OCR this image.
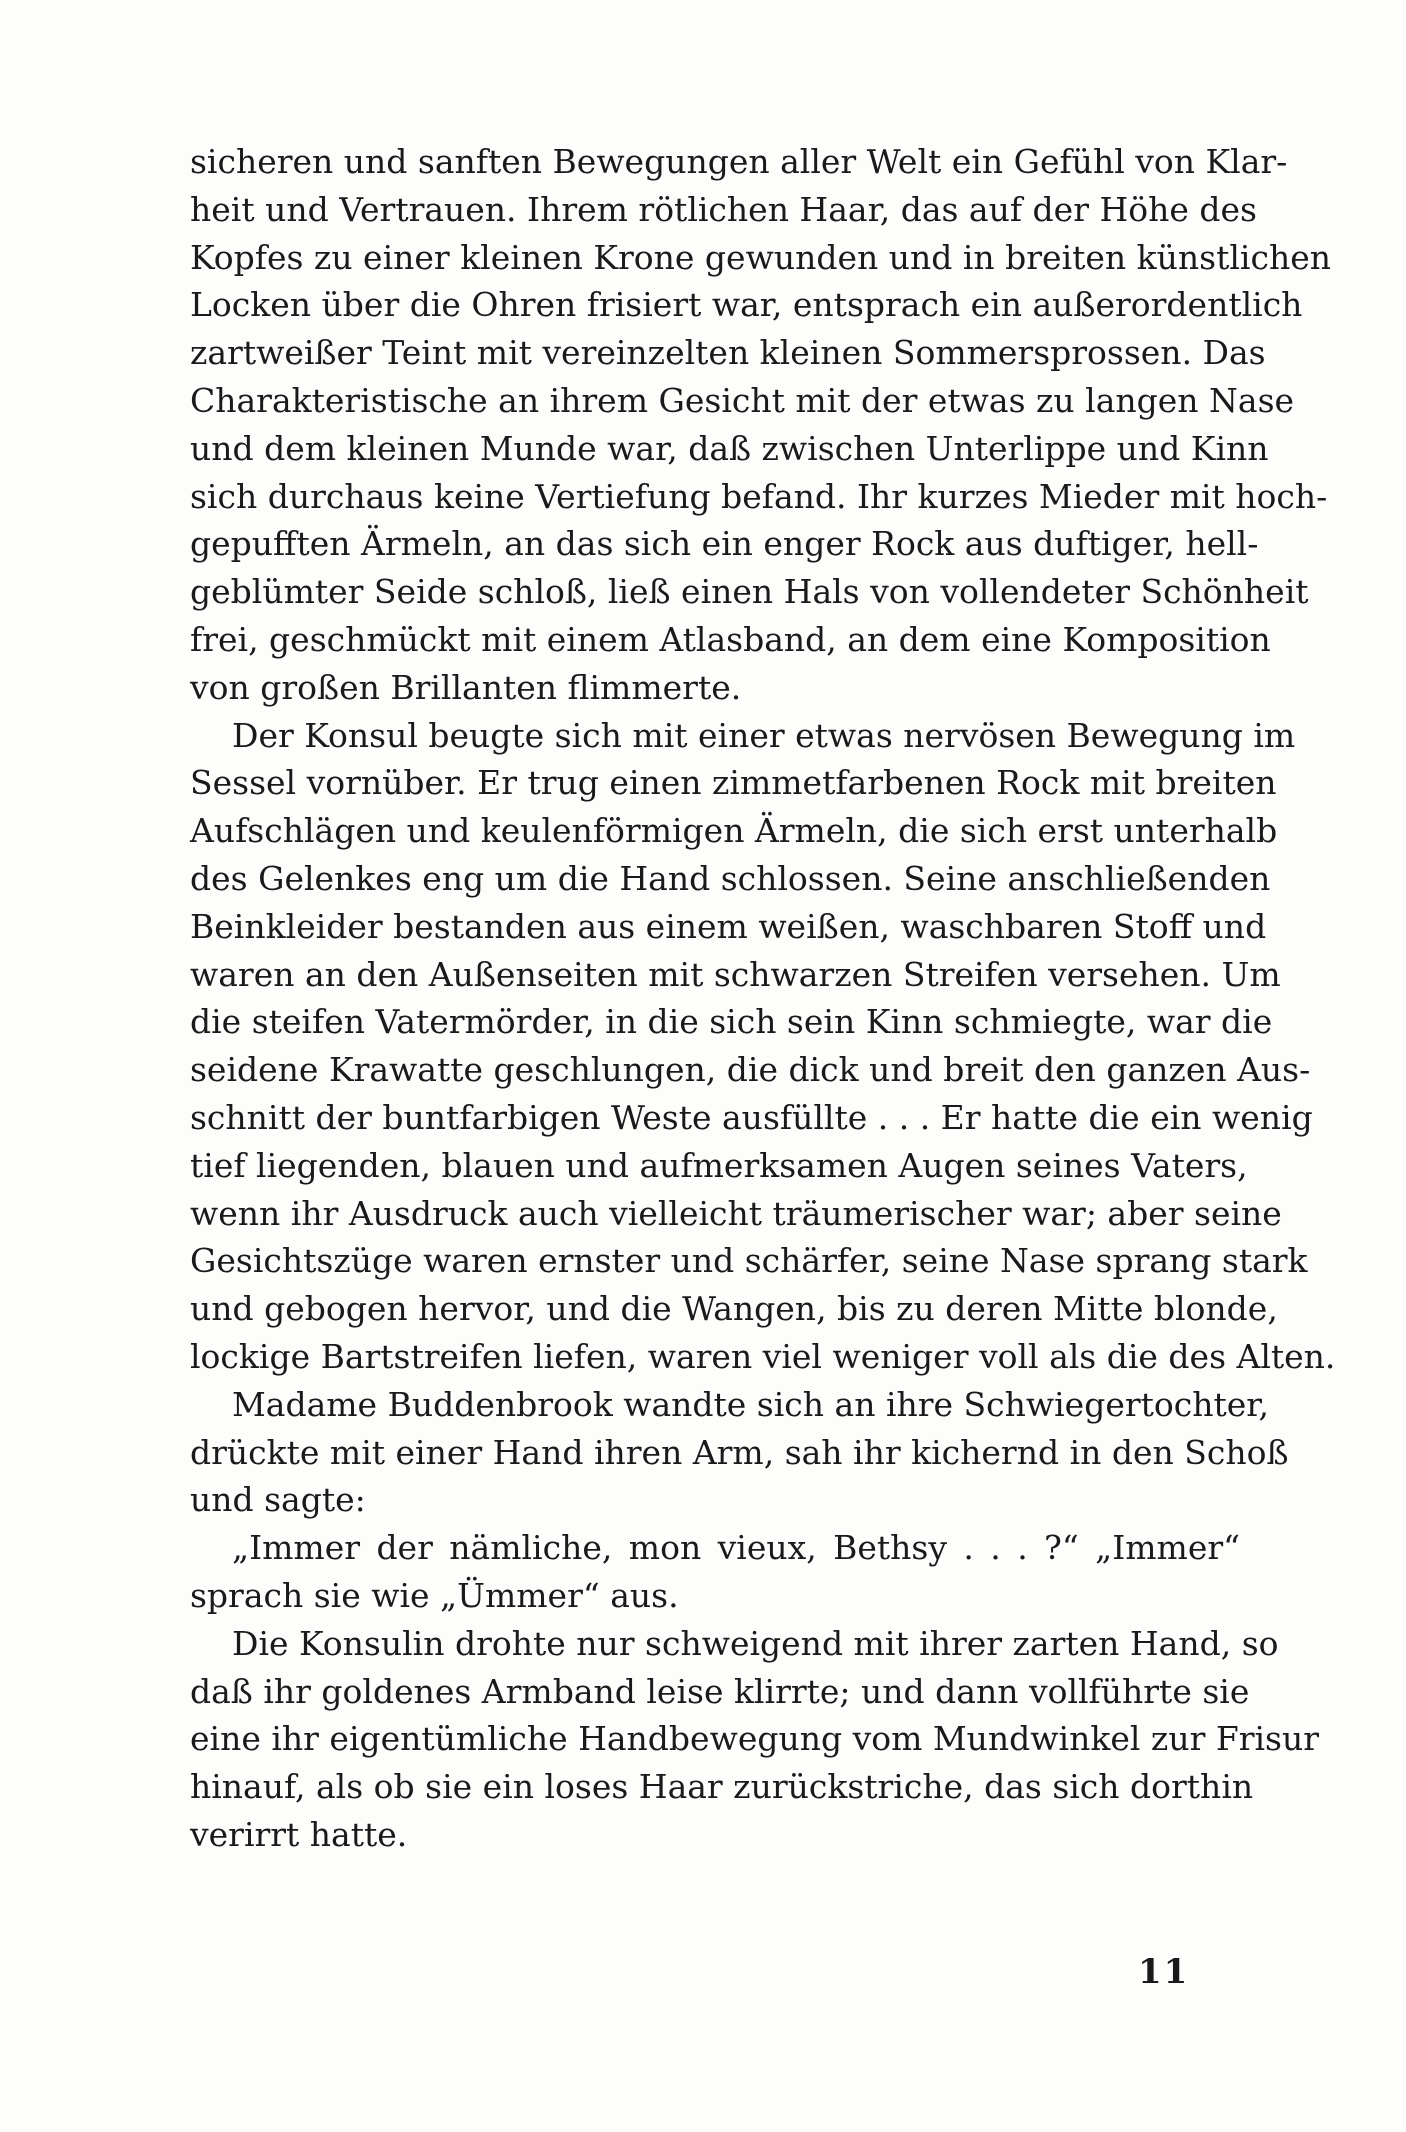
sicheren und sanften Bewegungen aller Welt ein Gefühl von Klar-
heit und Vertrauen. Ihrem rötlichen Haar, das auf der Höhe des
Kopfes zu einer kleinen Krone gewunden und in breiten künstlichen
Locken über die Ohren frisiert war, entsprach ein außerordentlich
zartweißer Teint mit vereinzelten kleinen Sommersprossen. Das
Charakteristische an ihrem Gesicht mit der etwas zu langen Nase
und dem kleinen Munde war, daß zwischen Unterlippe und Kinn
sich durchaus keine Vertiefung befand. Ihr kurzes Mieder mit hoch-
gepufften Ärmeln, an das sich ein enger Rock aus duftiger, hell-
geblümter Seide schloß, ließ einen Hals von vollendeter Schönheit
frei, geschmückt mit einem Atlasband, an dem eine Komposition
von großen Brillanten flimmerte.
Der Konsul beugte sich mit einer etwas nervösen Bewegung im
Sessel vornüber. Er trug einen zimmetfarbenen Rock mit breiten
Aufschlägen und keulenförmigen Ärmeln, die sich erst unterhalb
des Gelenkes eng um die Hand schlossen. Seine anschließenden
Beinkleider bestanden aus einem weißen, waschbaren Stoff und
waren an den Außenseiten mit schwarzen Streifen versehen. Um
die steifen Vatermörder, in die sich sein Kinn schmiegte, war die
seidene Krawatte geschlungen, die dick und breit den ganzen Aus-
schnitt der buntfarbigen Weste ausfüllte . . . Er hatte die ein wenig
tief liegenden, blauen und aufmerksamen Augen seines Vaters,
wenn ihr Ausdruck auch vielleicht träumerischer war; aber seine
Gesichtszüge waren ernster und schärfer, seine Nase sprang stark
und gebogen hervor, und die Wangen, bis zu deren Mitte blonde,
lockige Bartstreifen liefen, waren viel weniger voll als die des Alten.
Madame Buddenbrook wandte sich an ihre Schwiegertochter,
drückte mit einer Hand ihren Arm, sah ihr kichernd in den Schoß
und sagte:
„Immer der nämliche, mon vieux, Bethsy . . . ?“ „Immer“
sprach sie wie „Ümmer“ aus.
Die Konsulin drohte nur schweigend mit ihrer zarten Hand, so
daß ihr goldenes Armband leise klirrte; und dann vollführte sie
eine ihr eigentümliche Handbewegung vom Mundwinkel zur Frisur
hinauf, als ob sie ein loses Haar zurückstriche, das sich dorthin
verirrt hatte.
11
